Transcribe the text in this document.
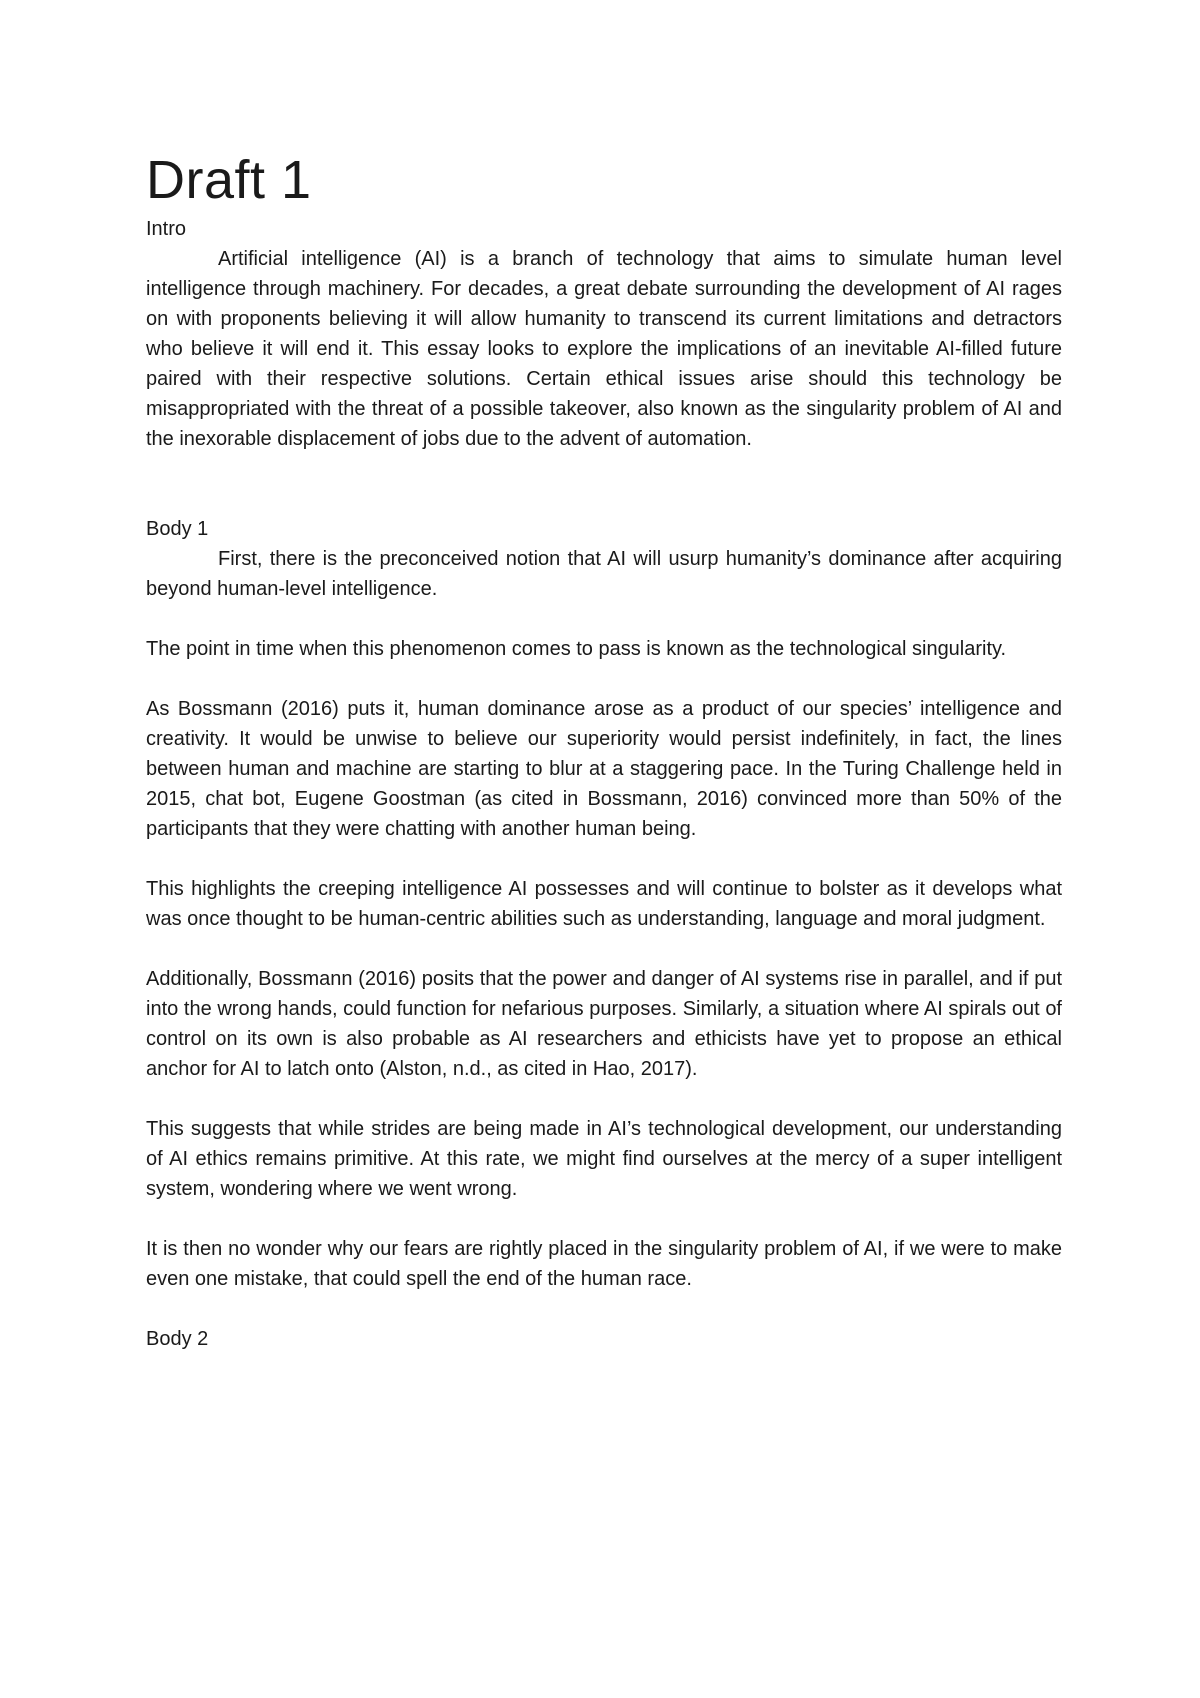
Draft 1

Intro

Artificial intelligence (AI) is a branch of technology that aims to simulate human level intelligence through machinery. For decades, a great debate surrounding the development of AI rages on with proponents believing it will allow humanity to transcend its current limitations and detractors who believe it will end it. This essay looks to explore the implications of an inevitable AI-filled future paired with their respective solutions. Certain ethical issues arise should this technology be misappropriated with the threat of a possible takeover, also known as the singularity problem of AI and the inexorable displacement of jobs due to the advent of automation.

Body 1

First, there is the preconceived notion that AI will usurp humanity’s dominance after acquiring beyond human-level intelligence.

The point in time when this phenomenon comes to pass is known as the technological singularity.

As Bossmann (2016) puts it, human dominance arose as a product of our species’ intelligence and creativity. It would be unwise to believe our superiority would persist indefinitely, in fact, the lines between human and machine are starting to blur at a staggering pace. In the Turing Challenge held in 2015, chat bot, Eugene Goostman (as cited in Bossmann, 2016) convinced more than 50% of the participants that they were chatting with another human being.

This highlights the creeping intelligence AI possesses and will continue to bolster as it develops what was once thought to be human-centric abilities such as understanding, language and moral judgment.

Additionally, Bossmann (2016) posits that the power and danger of AI systems rise in parallel, and if put into the wrong hands, could function for nefarious purposes. Similarly, a situation where AI spirals out of control on its own is also probable as AI researchers and ethicists have yet to propose an ethical anchor for AI to latch onto (Alston, n.d., as cited in Hao, 2017).

This suggests that while strides are being made in AI’s technological development, our understanding of AI ethics remains primitive. At this rate, we might find ourselves at the mercy of a super intelligent system, wondering where we went wrong.

It is then no wonder why our fears are rightly placed in the singularity problem of AI, if we were to make even one mistake, that could spell the end of the human race.

Body 2
